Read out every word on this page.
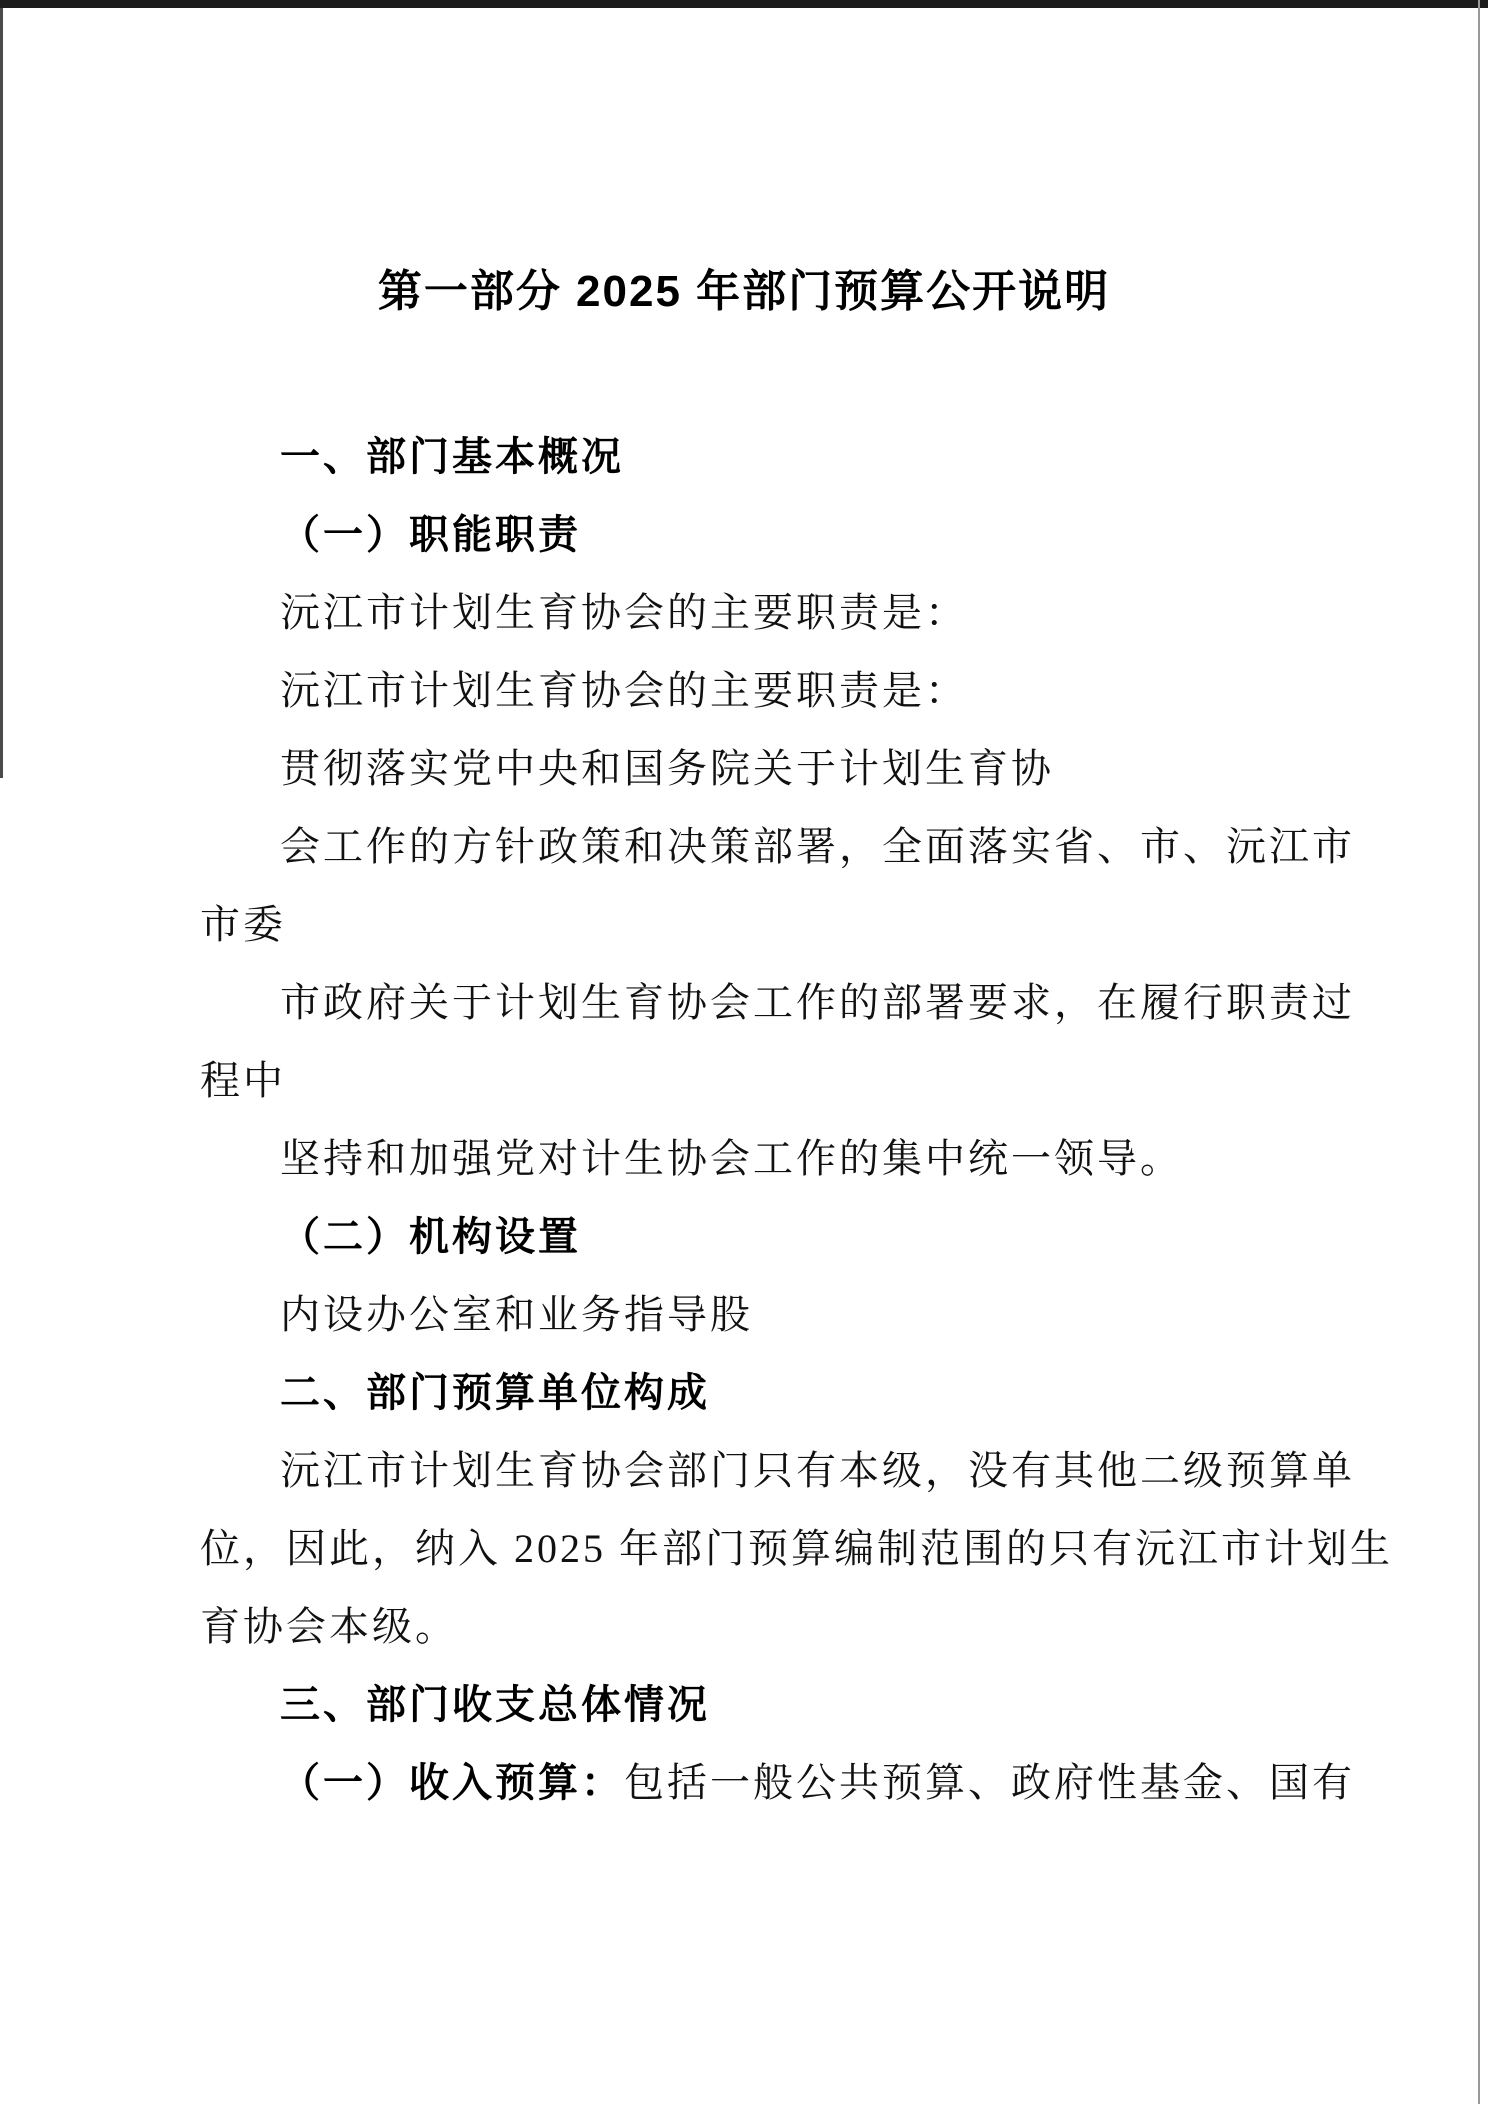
第一部分 2025 年部门预算公开说明
一、部门基本概况
（一）职能职责
沅江市计划生育协会的主要职责是：
沅江市计划生育协会的主要职责是：
贯彻落实党中央和国务院关于计划生育协
会工作的方针政策和决策部署，全面落实省、市、沅江市
市委
市政府关于计划生育协会工作的部署要求，在履行职责过
程中
坚持和加强党对计生协会工作的集中统一领导。
（二）机构设置
内设办公室和业务指导股
二、部门预算单位构成
沅江市计划生育协会部门只有本级，没有其他二级预算单
位，因此，纳入 2025 年部门预算编制范围的只有沅江市计划生
育协会本级。
三、部门收支总体情况
（一）收入预算：包括一般公共预算、政府性基金、国有
